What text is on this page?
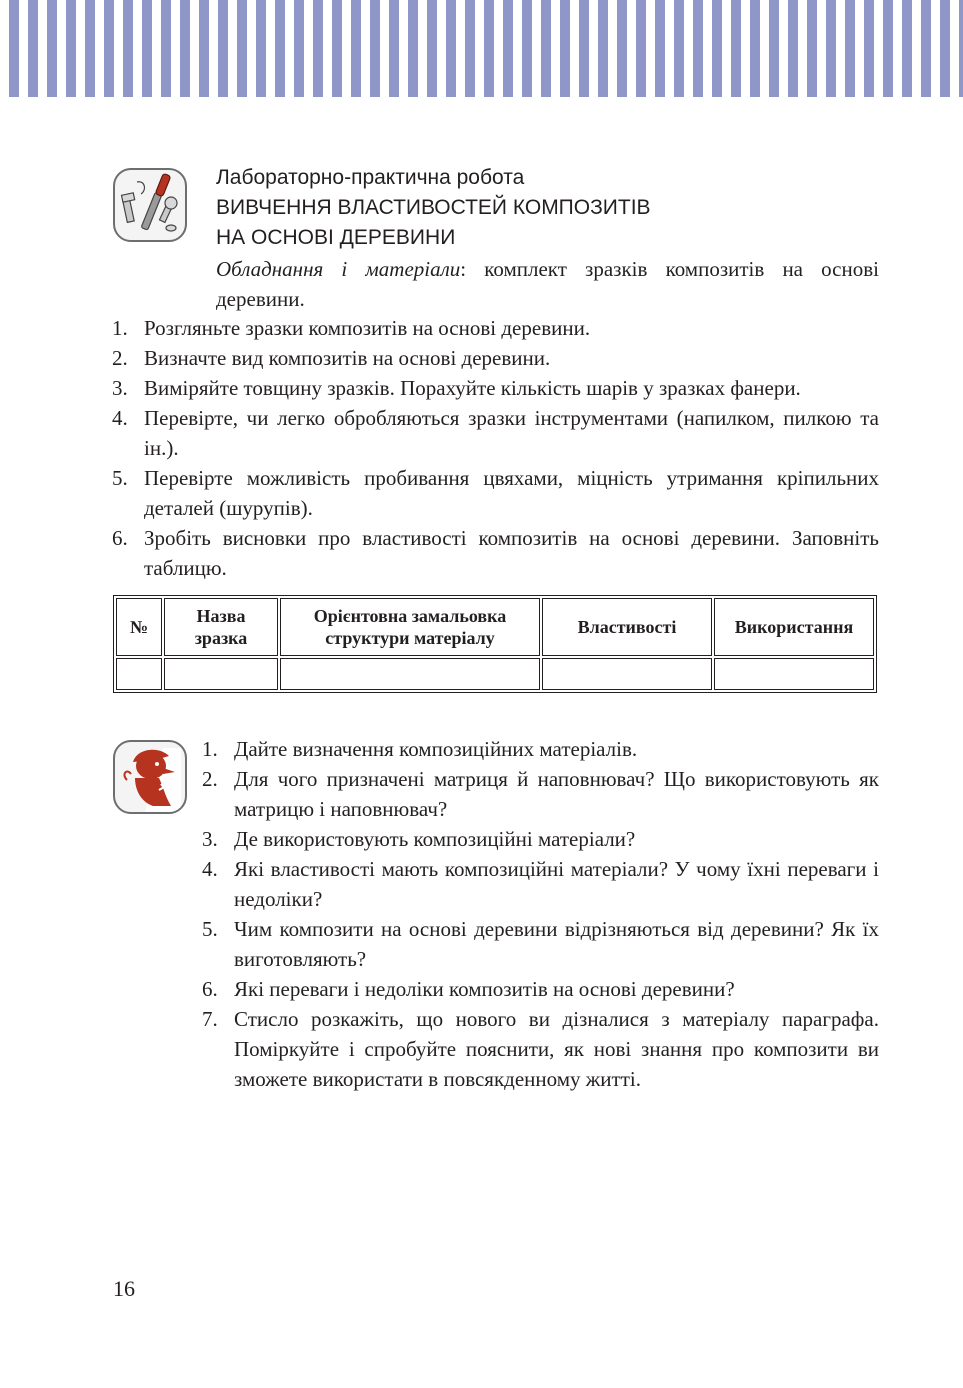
Лабораторно-практична робота
ВИВЧЕННЯ ВЛАСТИВОСТЕЙ КОМПОЗИТІВ
НА ОСНОВІ ДЕРЕВИНИ
Обладнання і матеріали: комплект зразків композитів на основі деревини.
1. Розгляньте зразки композитів на основі деревини.
2. Визначте вид композитів на основі деревини.
3. Виміряйте товщину зразків. Порахуйте кількість шарів у зразках фанери.
4. Перевірте, чи легко обробляються зразки інструментами (напилком, пилкою та ін.).
5. Перевірте можливість пробивання цвяхами, міцність утримання кріпильних деталей (шурупів).
6. Зробіть висновки про властивості композитів на основі деревини. Заповніть таблицю.
№	Назва зразка	Орієнтовна замальовка структури матеріалу	Властивості	Використання

1. Дайте визначення композиційних матеріалів.
2. Для чого призначені матриця й наповнювач? Що використовують як матрицю і наповнювач?
3. Де використовують композиційні матеріали?
4. Які властивості мають композиційні матеріали? У чому їхні переваги і недоліки?
5. Чим композити на основі деревини відрізняються від деревини? Як їх виготовляють?
6. Які переваги і недоліки композитів на основі деревини?
7. Стисло розкажіть, що нового ви дізналися з матеріалу параграфа. Поміркуйте і спробуйте пояснити, як нові знання про композити ви зможете використати в повсякденному житті.
16
